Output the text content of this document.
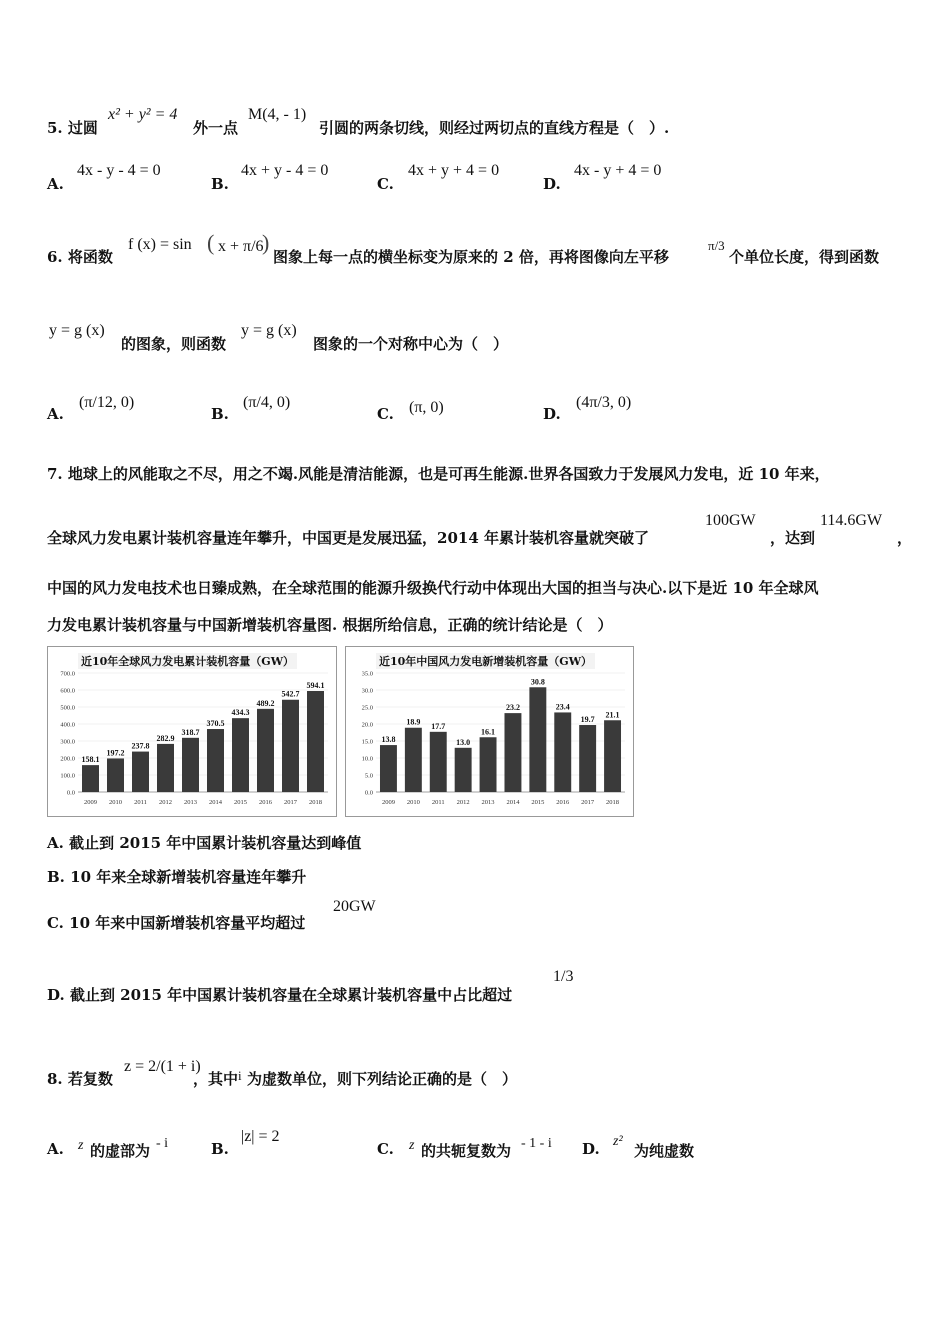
5. 过圆
x² + y² = 4
外一点
M(4, - 1)
引圆的两条切线，则经过两切点的直线方程是（　）.
A.
4x - y - 4 = 0
B.
4x + y - 4 = 0
C.
4x + y + 4 = 0
D.
4x - y + 4 = 0
6. 将函数
f (x) = sin ( x + π/6
)
图象上每一点的横坐标变为原来的 2 倍，再将图像向左平移
π/3
个单位长度，得到函数
y = g (x)
的图象，则函数
y = g (x)
图象的一个对称中心为（　）
A.
(π/12, 0)
B.
(π/4, 0)
C. (π, 0)	D.
(4π/3, 0)
7. 地球上的风能取之不尽，用之不竭.风能是清洁能源，也是可再生能源.世界各国致力于发展风力发电，近 10 年来，
全球风力发电累计装机容量连年攀升，中国更是发展迅猛，2014 年累计装机容量就突破了
100GW
，达到
114.6GW
，
中国的风力发电技术也日臻成熟，在全球范围的能源升级换代行动中体现出大国的担当与决心.以下是近 10 年全球风
力发电累计装机容量与中国新增装机容量图. 根据所给信息，正确的统计结论是（　）
0.0
100.0
200.0
300.0
400.0
500.0
600.0
700.0
158.1
2009
197.2
2010
237.8
2011
282.9
2012
318.7
2013
370.5
2014
434.3
2015
489.2
2016
542.7
2017
594.1
2018
近10年全球风力发电累计装机容量（GW）
0.0
5.0
10.0
15.0
20.0
25.0
30.0
35.0
13.8
2009
18.9
2010
17.7
2011
13.0
2012
16.1
2013
23.2
2014
30.8
2015
23.4
2016
19.7
2017
21.1
2018
近10年中国风力发电新增装机容量（GW）
A. 截止到 2015 年中国累计装机容量达到峰值
B. 10 年来全球新增装机容量连年攀升
C. 10 年来中国新增装机容量平均超过
20GW
D. 截止到 2015 年中国累计装机容量在全球累计装机容量中占比超过
1/3
8. 若复数
z = 2/(1 + i)
，其中 i 为虚数单位，则下列结论正确的是（　）
A. z 的虚部为 - i	B.
|z| = 2
C. z 的共轭复数为 - 1 - i D. z²
为纯虚数
